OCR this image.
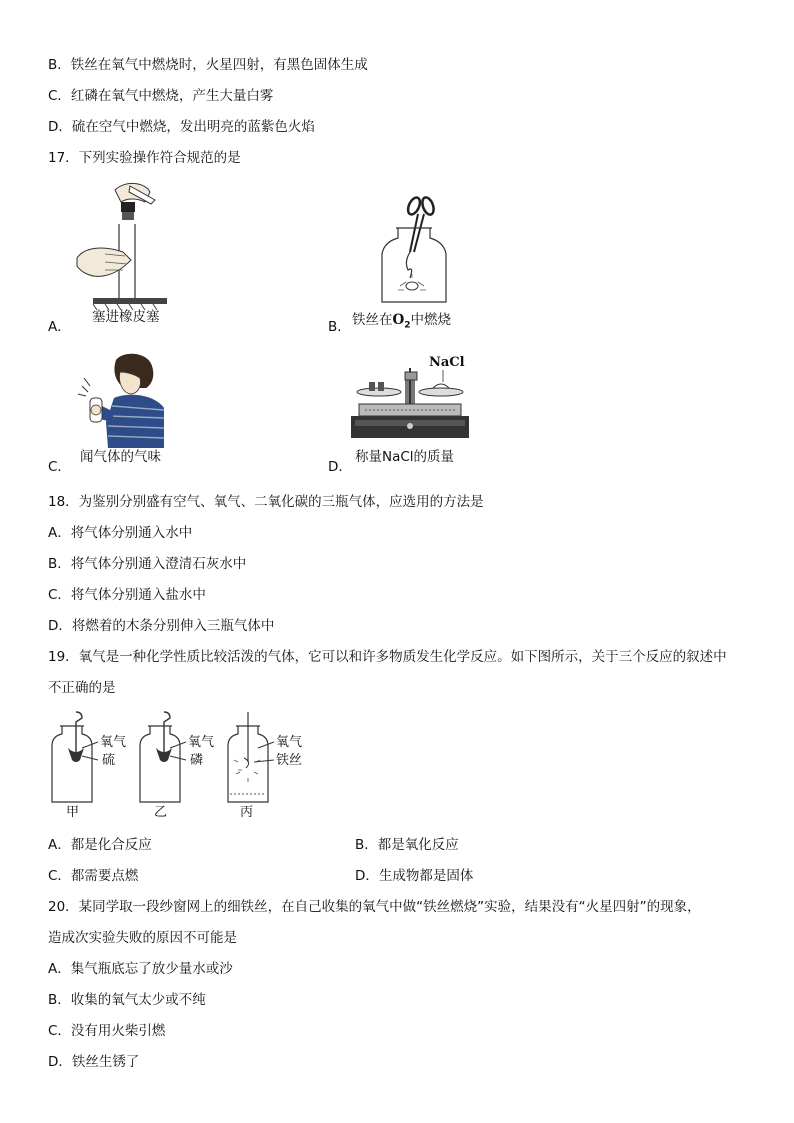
B．铁丝在氧气中燃烧时，火星四射，有黑色固体生成
C．红磷在氧气中燃烧，产生大量白雾
D．硫在空气中燃烧，发出明亮的蓝紫色火焰
17．下列实验操作符合规范的是
A．
塞进橡皮塞
B． 铁丝在$O_2$中燃烧
C．
闻气体的气味
NaCl
D．
称量NaCl的质量
18．为鉴别分别盛有空气、氧气、二氧化碳的三瓶气体，应选用的方法是
A．将气体分别通入水中
B．将气体分别通入澄清石灰水中
C．将气体分别通入盐水中
D．将燃着的木条分别伸入三瓶气体中
19．氧气是一种化学性质比较活泼的气体，它可以和许多物质发生化学反应。如下图所示，关于三个反应的叙述中
不正确的是
氧气
硫
甲
氧气
磷
乙
氧气
铁丝
丙
A．都是化合反应	B．都是氧化反应
C．都需要点燃	D．生成物都是固体
20．某同学取一段纱窗网上的细铁丝，在自己收集的氧气中做“铁丝燃烧”实验，结果没有“火星四射”的现象，
造成次实验失败的原因不可能是
A．集气瓶底忘了放少量水或沙
B．收集的氧气太少或不纯
C．没有用火柴引燃
D．铁丝生锈了
